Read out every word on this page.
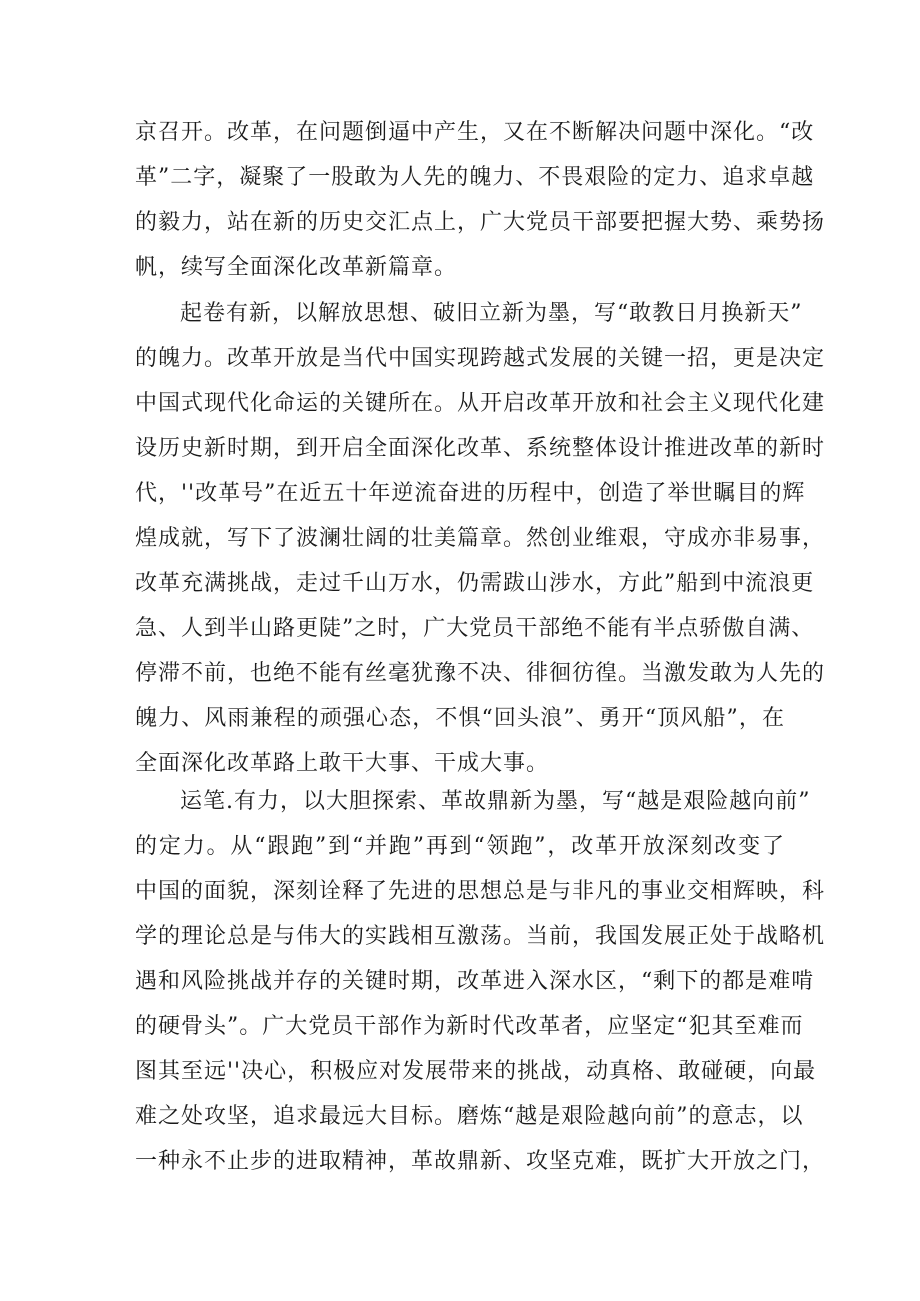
京召开。改革，在问题倒逼中产生，又在不断解决问题中深化。“改
革”二字，凝聚了一股敢为人先的魄力、不畏艰险的定力、追求卓越
的毅力，站在新的历史交汇点上，广大党员干部要把握大势、乘势扬
帆，续写全面深化改革新篇章。

起卷有新，以解放思想、破旧立新为墨，写“敢教日月换新天”
的魄力。改革开放是当代中国实现跨越式发展的关键一招，更是决定
中国式现代化命运的关键所在。从开启改革开放和社会主义现代化建
设历史新时期，到开启全面深化改革、系统整体设计推进改革的新时
代，''改革号”在近五十年逆流奋进的历程中，创造了举世瞩目的辉
煌成就，写下了波澜壮阔的壮美篇章。然创业维艰，守成亦非易事，
改革充满挑战，走过千山万水，仍需跋山涉水，方此”船到中流浪更
急、人到半山路更陡”之时，广大党员干部绝不能有半点骄傲自满、
停滞不前，也绝不能有丝毫犹豫不决、徘徊彷徨。当激发敢为人先的
魄力、风雨兼程的顽强心态，不惧“回头浪”、勇开“顶风船”，在
全面深化改革路上敢干大事、干成大事。

运笔.有力，以大胆探索、革故鼎新为墨，写“越是艰险越向前”
的定力。从“跟跑”到“并跑”再到“领跑”，改革开放深刻改变了
中国的面貌，深刻诠释了先进的思想总是与非凡的事业交相辉映，科
学的理论总是与伟大的实践相互激荡。当前，我国发展正处于战略机
遇和风险挑战并存的关键时期，改革进入深水区，“剩下的都是难啃
的硬骨头”。广大党员干部作为新时代改革者，应坚定“犯其至难而
图其至远''决心，积极应对发展带来的挑战，动真格、敢碰硬，向最
难之处攻坚，追求最远大目标。磨炼“越是艰险越向前”的意志，以
一种永不止步的进取精神，革故鼎新、攻坚克难，既扩大开放之门，
